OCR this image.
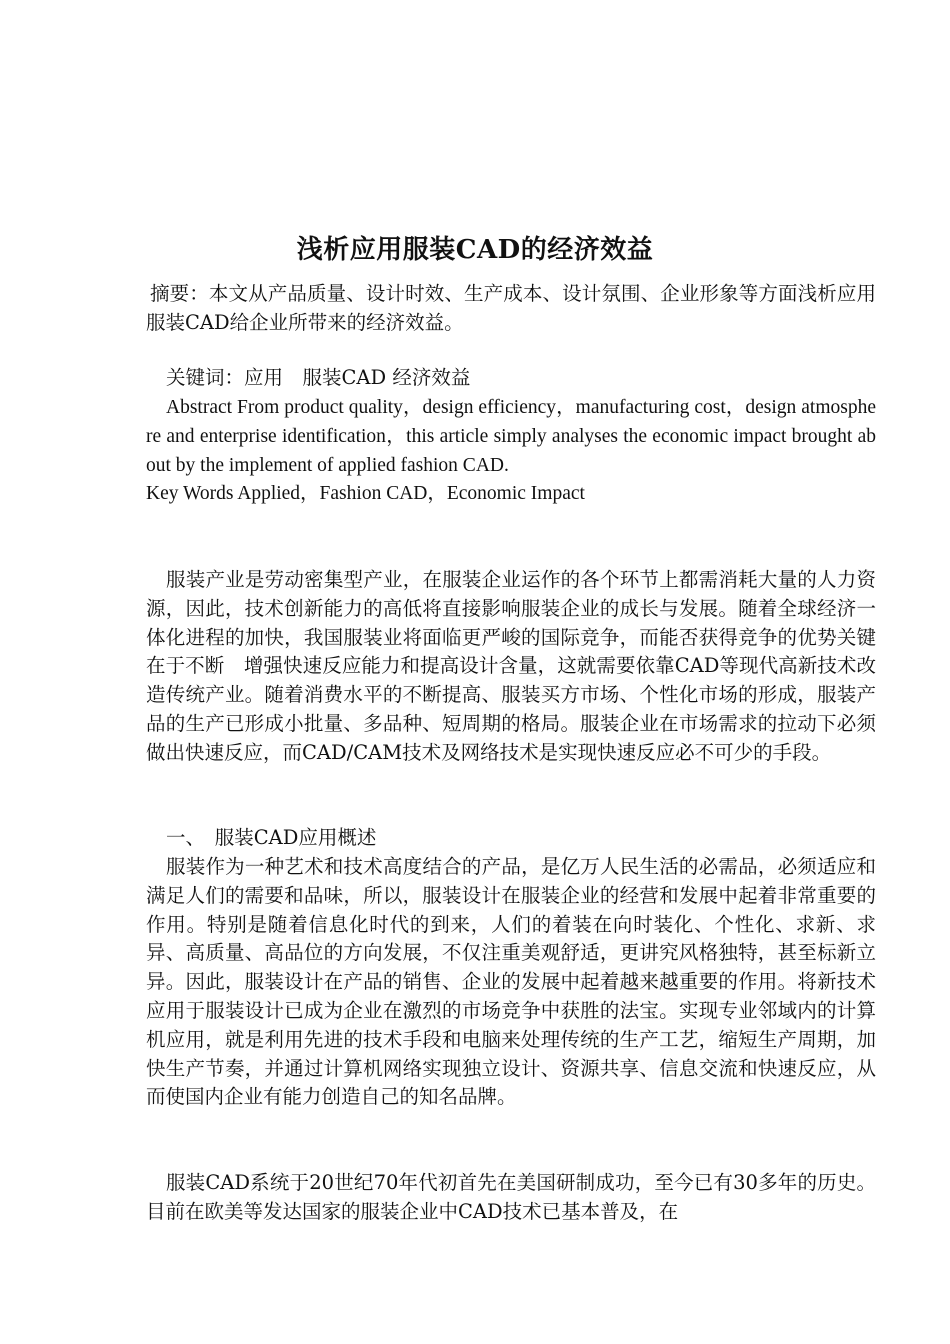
浅析应用服装CAD的经济效益
摘要：本文从产品质量、设计时效、生产成本、设计氛围、企业形象等方面浅析应用服装CAD给企业所带来的经济效益。
关键词：应用　服装CAD 经济效益
Abstract From product quality，design efficiency，manufacturing cost，design atmosphere and enterprise identification，this article simply analyses the economic impact brought about by the implement of applied fashion CAD.
Key Words Applied，Fashion CAD，Economic Impact
服装产业是劳动密集型产业，在服装企业运作的各个环节上都需消耗大量的人力资源，因此，技术创新能力的高低将直接影响服装企业的成长与发展。随着全球经济一体化进程的加快，我国服装业将面临更严峻的国际竞争，而能否获得竞争的优势关键在于不断　增强快速反应能力和提高设计含量，这就需要依靠CAD等现代高新技术改造传统产业。随着消费水平的不断提高、服装买方市场、个性化市场的形成，服装产品的生产已形成小批量、多品种、短周期的格局。服装企业在市场需求的拉动下必须做出快速反应，而CAD/CAM技术及网络技术是实现快速反应必不可少的手段。
一、　服装CAD应用概述
服装作为一种艺术和技术高度结合的产品，是亿万人民生活的必需品，必须适应和满足人们的需要和品味，所以，服装设计在服装企业的经营和发展中起着非常重要的作用。特别是随着信息化时代的到来，人们的着装在向时装化、个性化、求新、求异、高质量、高品位的方向发展，不仅注重美观舒适，更讲究风格独特，甚至标新立异。因此，服装设计在产品的销售、企业的发展中起着越来越重要的作用。将新技术应用于服装设计已成为企业在激烈的市场竞争中获胜的法宝。实现专业邻域内的计算机应用，就是利用先进的技术手段和电脑来处理传统的生产工艺，缩短生产周期，加快生产节奏，并通过计算机网络实现独立设计、资源共享、信息交流和快速反应，从而使国内企业有能力创造自己的知名品牌。
服装CAD系统于20世纪70年代初首先在美国研制成功，至今已有30多年的历史。目前在欧美等发达国家的服装企业中CAD技术已基本普及，在
